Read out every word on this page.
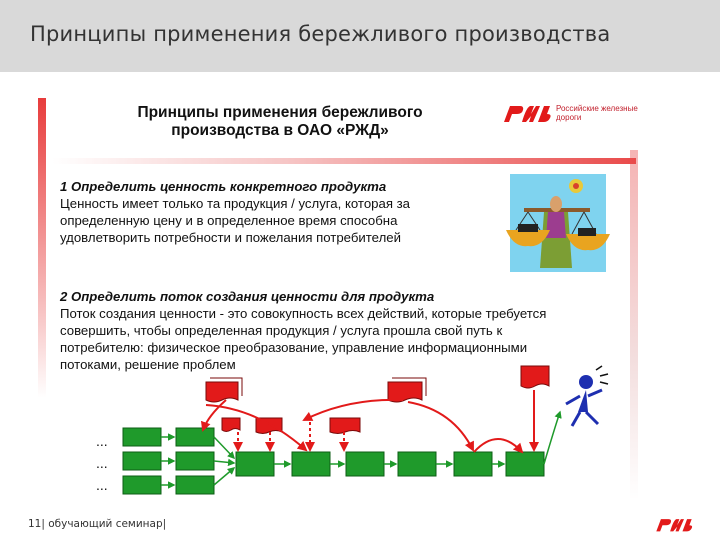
Принципы применения бережливого производства
Принципы применения бережливого производства в ОАО «РЖД»
Российские железные дороги
1 Определить ценность конкретного продукта
Ценность имеет только та продукция / услуга, которая за
определенную цену и в определенное время способна
удовлетворить потребности и пожелания потребителей
2 Определить поток создания ценности для продукта
Поток создания ценности - это совокупность всех действий, которые требуется
совершить, чтобы определенная продукция / услуга прошла свой путь к
потребителю: физическое преобразование, управление информационными
потоками, решение проблем
...
...
...
11| обучающий семинар|
